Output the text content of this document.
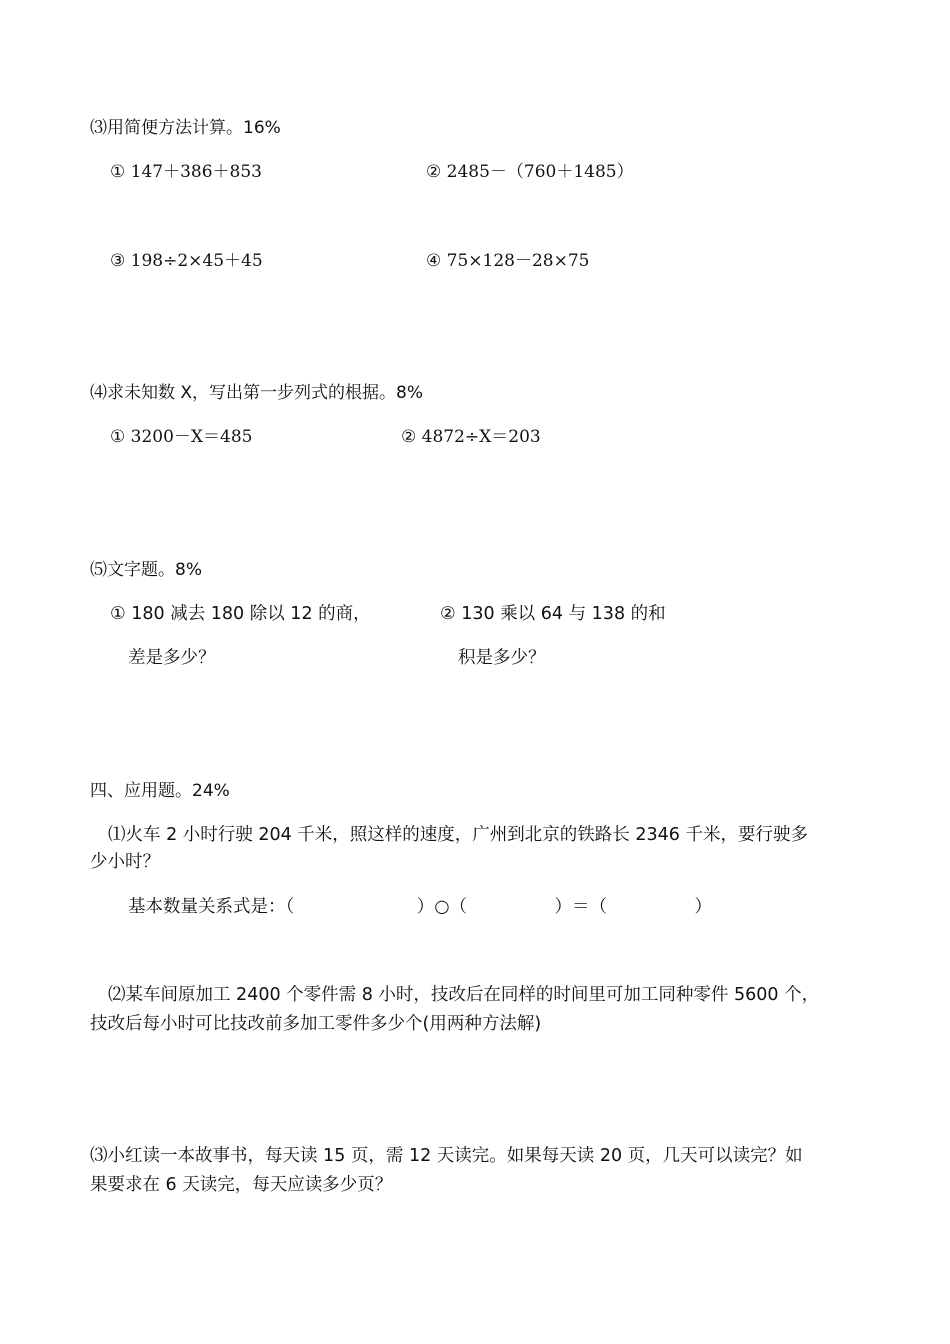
⑶用简便方法计算。16%
① 147＋386＋853	② 2485－（760＋1485）
③ 198÷2×45＋45	④ 75×128－28×75
⑷求未知数 X，写出第一步列式的根据。8%
① 3200－X＝485	② 4872÷X＝203
⑸文字题。8%
① 180 减去 180 除以 12 的商，
差是多少？
② 130 乘以 64 与 138 的和
积是多少？
四、应用题。24%
⑴火车 2 小时行驶 204 千米，照这样的速度，广州到北京的铁路长 2346 千米，要行驶多
少小时？
基本数量关系式是：（　　　　　　　）○（　　　　　）＝（　　　　　）
⑵某车间原加工 2400 个零件需 8 小时，技改后在同样的时间里可加工同种零件 5600 个，
技改后每小时可比技改前多加工零件多少个(用两种方法解)
⑶小红读一本故事书，每天读 15 页，需 12 天读完。如果每天读 20 页，几天可以读完？如
果要求在 6 天读完，每天应读多少页？
